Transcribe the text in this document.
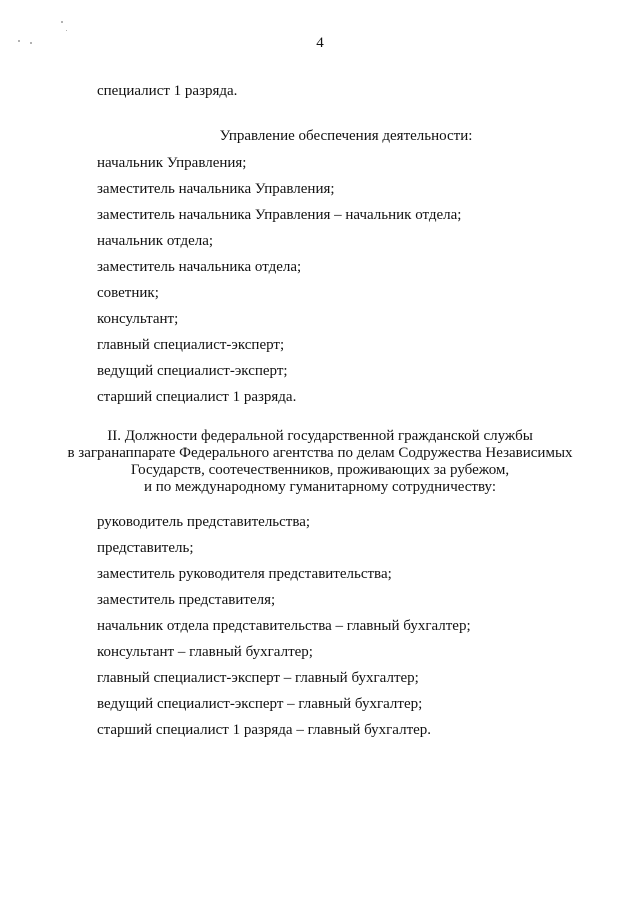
4
специалист 1 разряда.
Управление обеспечения деятельности:
начальник Управления;
заместитель начальника Управления;
заместитель начальника Управления – начальник отдела;
начальник отдела;
заместитель начальника отдела;
советник;
консультант;
главный специалист-эксперт;
ведущий специалист-эксперт;
старший специалист 1 разряда.
II. Должности федеральной государственной гражданской службы
в загранаппарате Федерального агентства по делам Содружества Независимых
Государств, соотечественников, проживающих за рубежом,
и по международному гуманитарному сотрудничеству:
руководитель представительства;
представитель;
заместитель руководителя представительства;
заместитель представителя;
начальник отдела представительства – главный бухгалтер;
консультант – главный бухгалтер;
главный специалист-эксперт – главный бухгалтер;
ведущий специалист-эксперт – главный бухгалтер;
старший специалист 1 разряда – главный бухгалтер.
